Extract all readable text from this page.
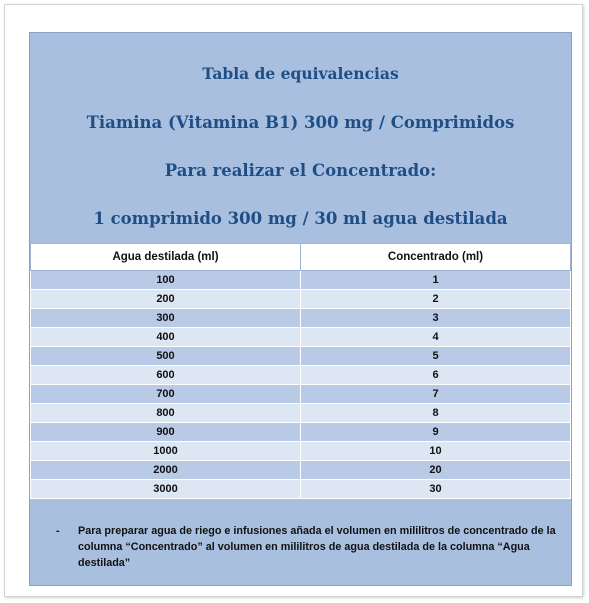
Tabla de equivalencias
Tiamina (Vitamina B1) 300 mg / Comprimidos
Para realizar el Concentrado:
1 comprimido 300 mg / 30 ml agua destilada
Agua destilada (ml)	Concentrado (ml)
100	1
200	2
300	3
400	4
500	5
600	6
700	7
800	8
900	9
1000	10
2000	20
3000	30
- Para preparar agua de riego e infusiones añada el volumen en mililitros de concentrado de la columna “Concentrado” al volumen en mililitros de agua destilada de la columna “Agua destilada”
